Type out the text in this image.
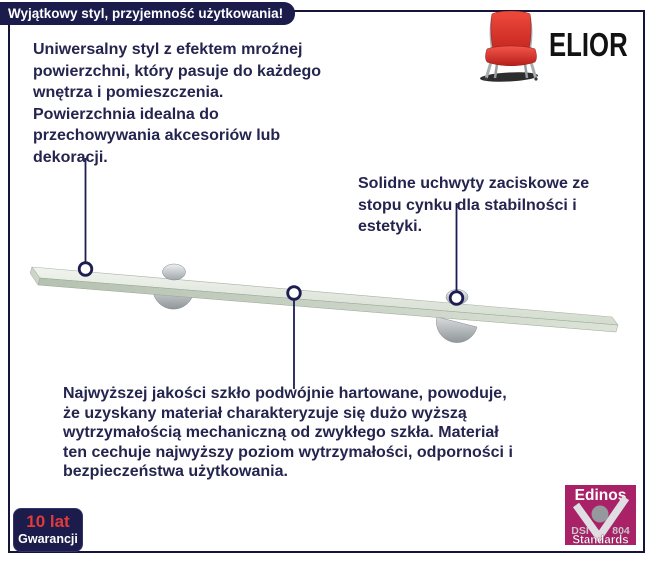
Wyjątkowy styl, przyjemność użytkowania!
ELIOR
Uniwersalny styl z efektem mroźnej
powierzchni, który pasuje do każdego
wnętrza i pomieszczenia.
Powierzchnia idealna do
przechowywania akcesoriów lub
dekoracji.
Solidne uchwyty zaciskowe ze
stopu cynku dla stabilności i
estetyki.
Najwyższej jakości szkło podwójnie hartowane, powoduje,
że uzyskany materiał charakteryzuje się dużo wyższą
wytrzymałością mechaniczną od zwykłego szkła. Materiał
ten cechuje najwyższy poziom wytrzymałości, odporności i
bezpieczeństwa użytkowania.
10 lat
Gwarancji
Edinos
DSI 804
Standards
